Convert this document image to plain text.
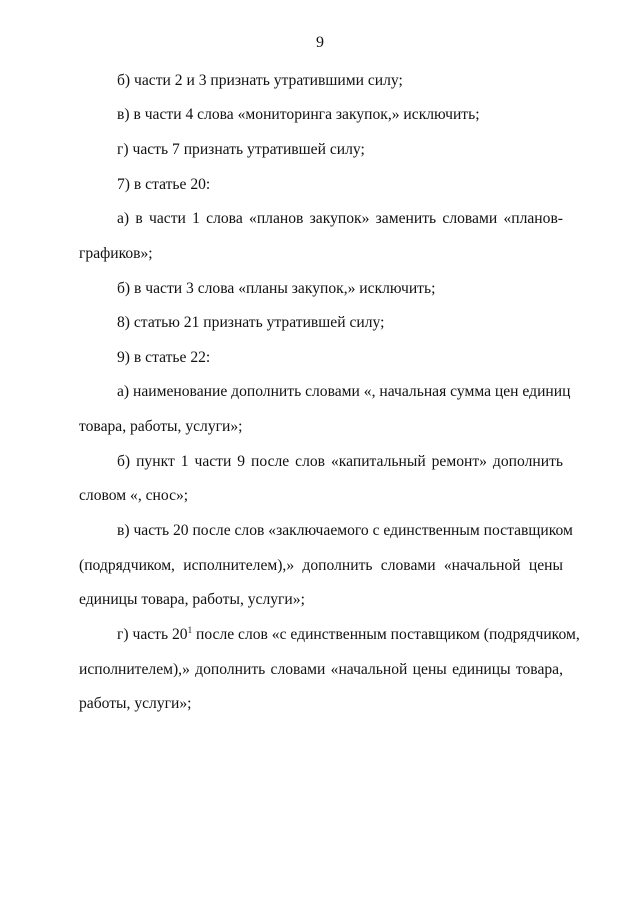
9
б) части 2 и 3 признать утратившими силу;
в) в части 4 слова «мониторинга закупок,» исключить;
г) часть 7 признать утратившей силу;
7) в статье 20:
а) в части 1 слова «планов закупок» заменить словами «планов-
графиков»;
б) в части 3 слова «планы закупок,» исключить;
8) статью 21 признать утратившей силу;
9) в статье 22:
а) наименование дополнить словами «, начальная сумма цен единиц
товара, работы, услуги»;
б) пункт 1 части 9 после слов «капитальный ремонт» дополнить
словом «, снос»;
в) часть 20 после слов «заключаемого с единственным поставщиком
(подрядчиком, исполнителем),» дополнить словами «начальной цены
единицы товара, работы, услуги»;
г) часть $20^1$ после слов «с единственным поставщиком (подрядчиком,
исполнителем),» дополнить словами «начальной цены единицы товара,
работы, услуги»;
